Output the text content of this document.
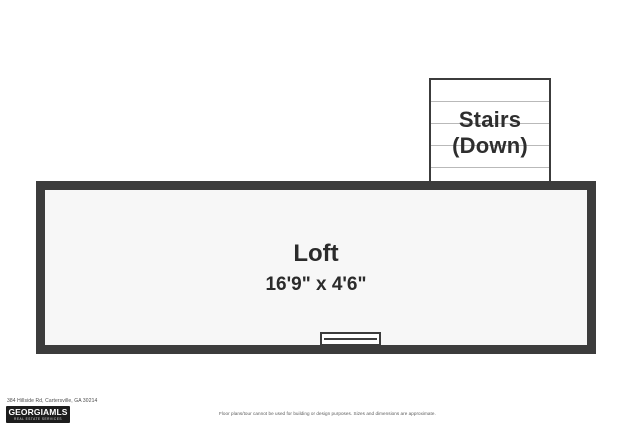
Stairs
(Down)
Loft
16'9" x 4'6"
384 Hillside Rd, Cartersville, GA 30214
GEORGIAMLS
REAL ESTATE SERVICES
Floor plans/tour cannot be used for building or design purposes. Sizes and dimensions are approximate.
